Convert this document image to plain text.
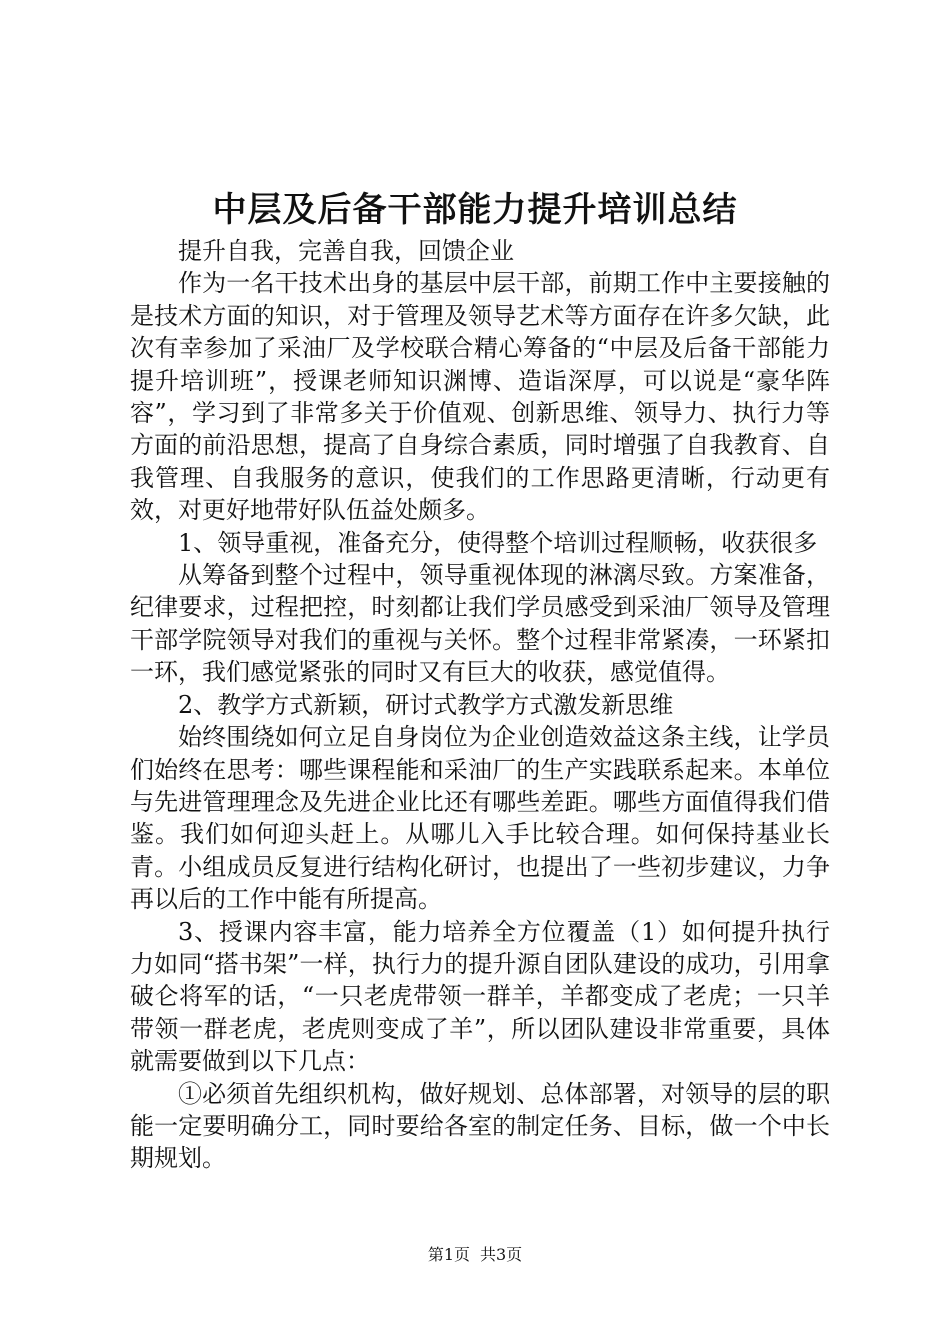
中层及后备干部能力提升培训总结

提升自我，完善自我，回馈企业

作为一名干技术出身的基层中层干部，前期工作中主要接触的是技术方面的知识，对于管理及领导艺术等方面存在许多欠缺，此次有幸参加了采油厂及学校联合精心筹备的“中层及后备干部能力提升培训班”，授课老师知识渊博、造诣深厚，可以说是“豪华阵容”，学习到了非常多关于价值观、创新思维、领导力、执行力等方面的前沿思想，提高了自身综合素质，同时增强了自我教育、自我管理、自我服务的意识，使我们的工作思路更清晰，行动更有效，对更好地带好队伍益处颇多。

1、领导重视，准备充分，使得整个培训过程顺畅，收获很多

从筹备到整个过程中，领导重视体现的淋漓尽致。方案准备，纪律要求，过程把控，时刻都让我们学员感受到采油厂领导及管理干部学院领导对我们的重视与关怀。整个过程非常紧凑，一环紧扣一环，我们感觉紧张的同时又有巨大的收获，感觉值得。

2、教学方式新颖，研讨式教学方式激发新思维

始终围绕如何立足自身岗位为企业创造效益这条主线，让学员们始终在思考：哪些课程能和采油厂的生产实践联系起来。本单位与先进管理理念及先进企业比还有哪些差距。哪些方面值得我们借鉴。我们如何迎头赶上。从哪儿入手比较合理。如何保持基业长青。小组成员反复进行结构化研讨，也提出了一些初步建议，力争再以后的工作中能有所提高。

3、授课内容丰富，能力培养全方位覆盖（1）如何提升执行力如同“搭书架”一样，执行力的提升源自团队建设的成功，引用拿破仑将军的话，“一只老虎带领一群羊，羊都变成了老虎；一只羊带领一群老虎，老虎则变成了羊”，所以团队建设非常重要，具体就需要做到以下几点：

①必须首先组织机构，做好规划、总体部署，对领导的层的职能一定要明确分工，同时要给各室的制定任务、目标，做一个中长期规划。

第1页 共3页
